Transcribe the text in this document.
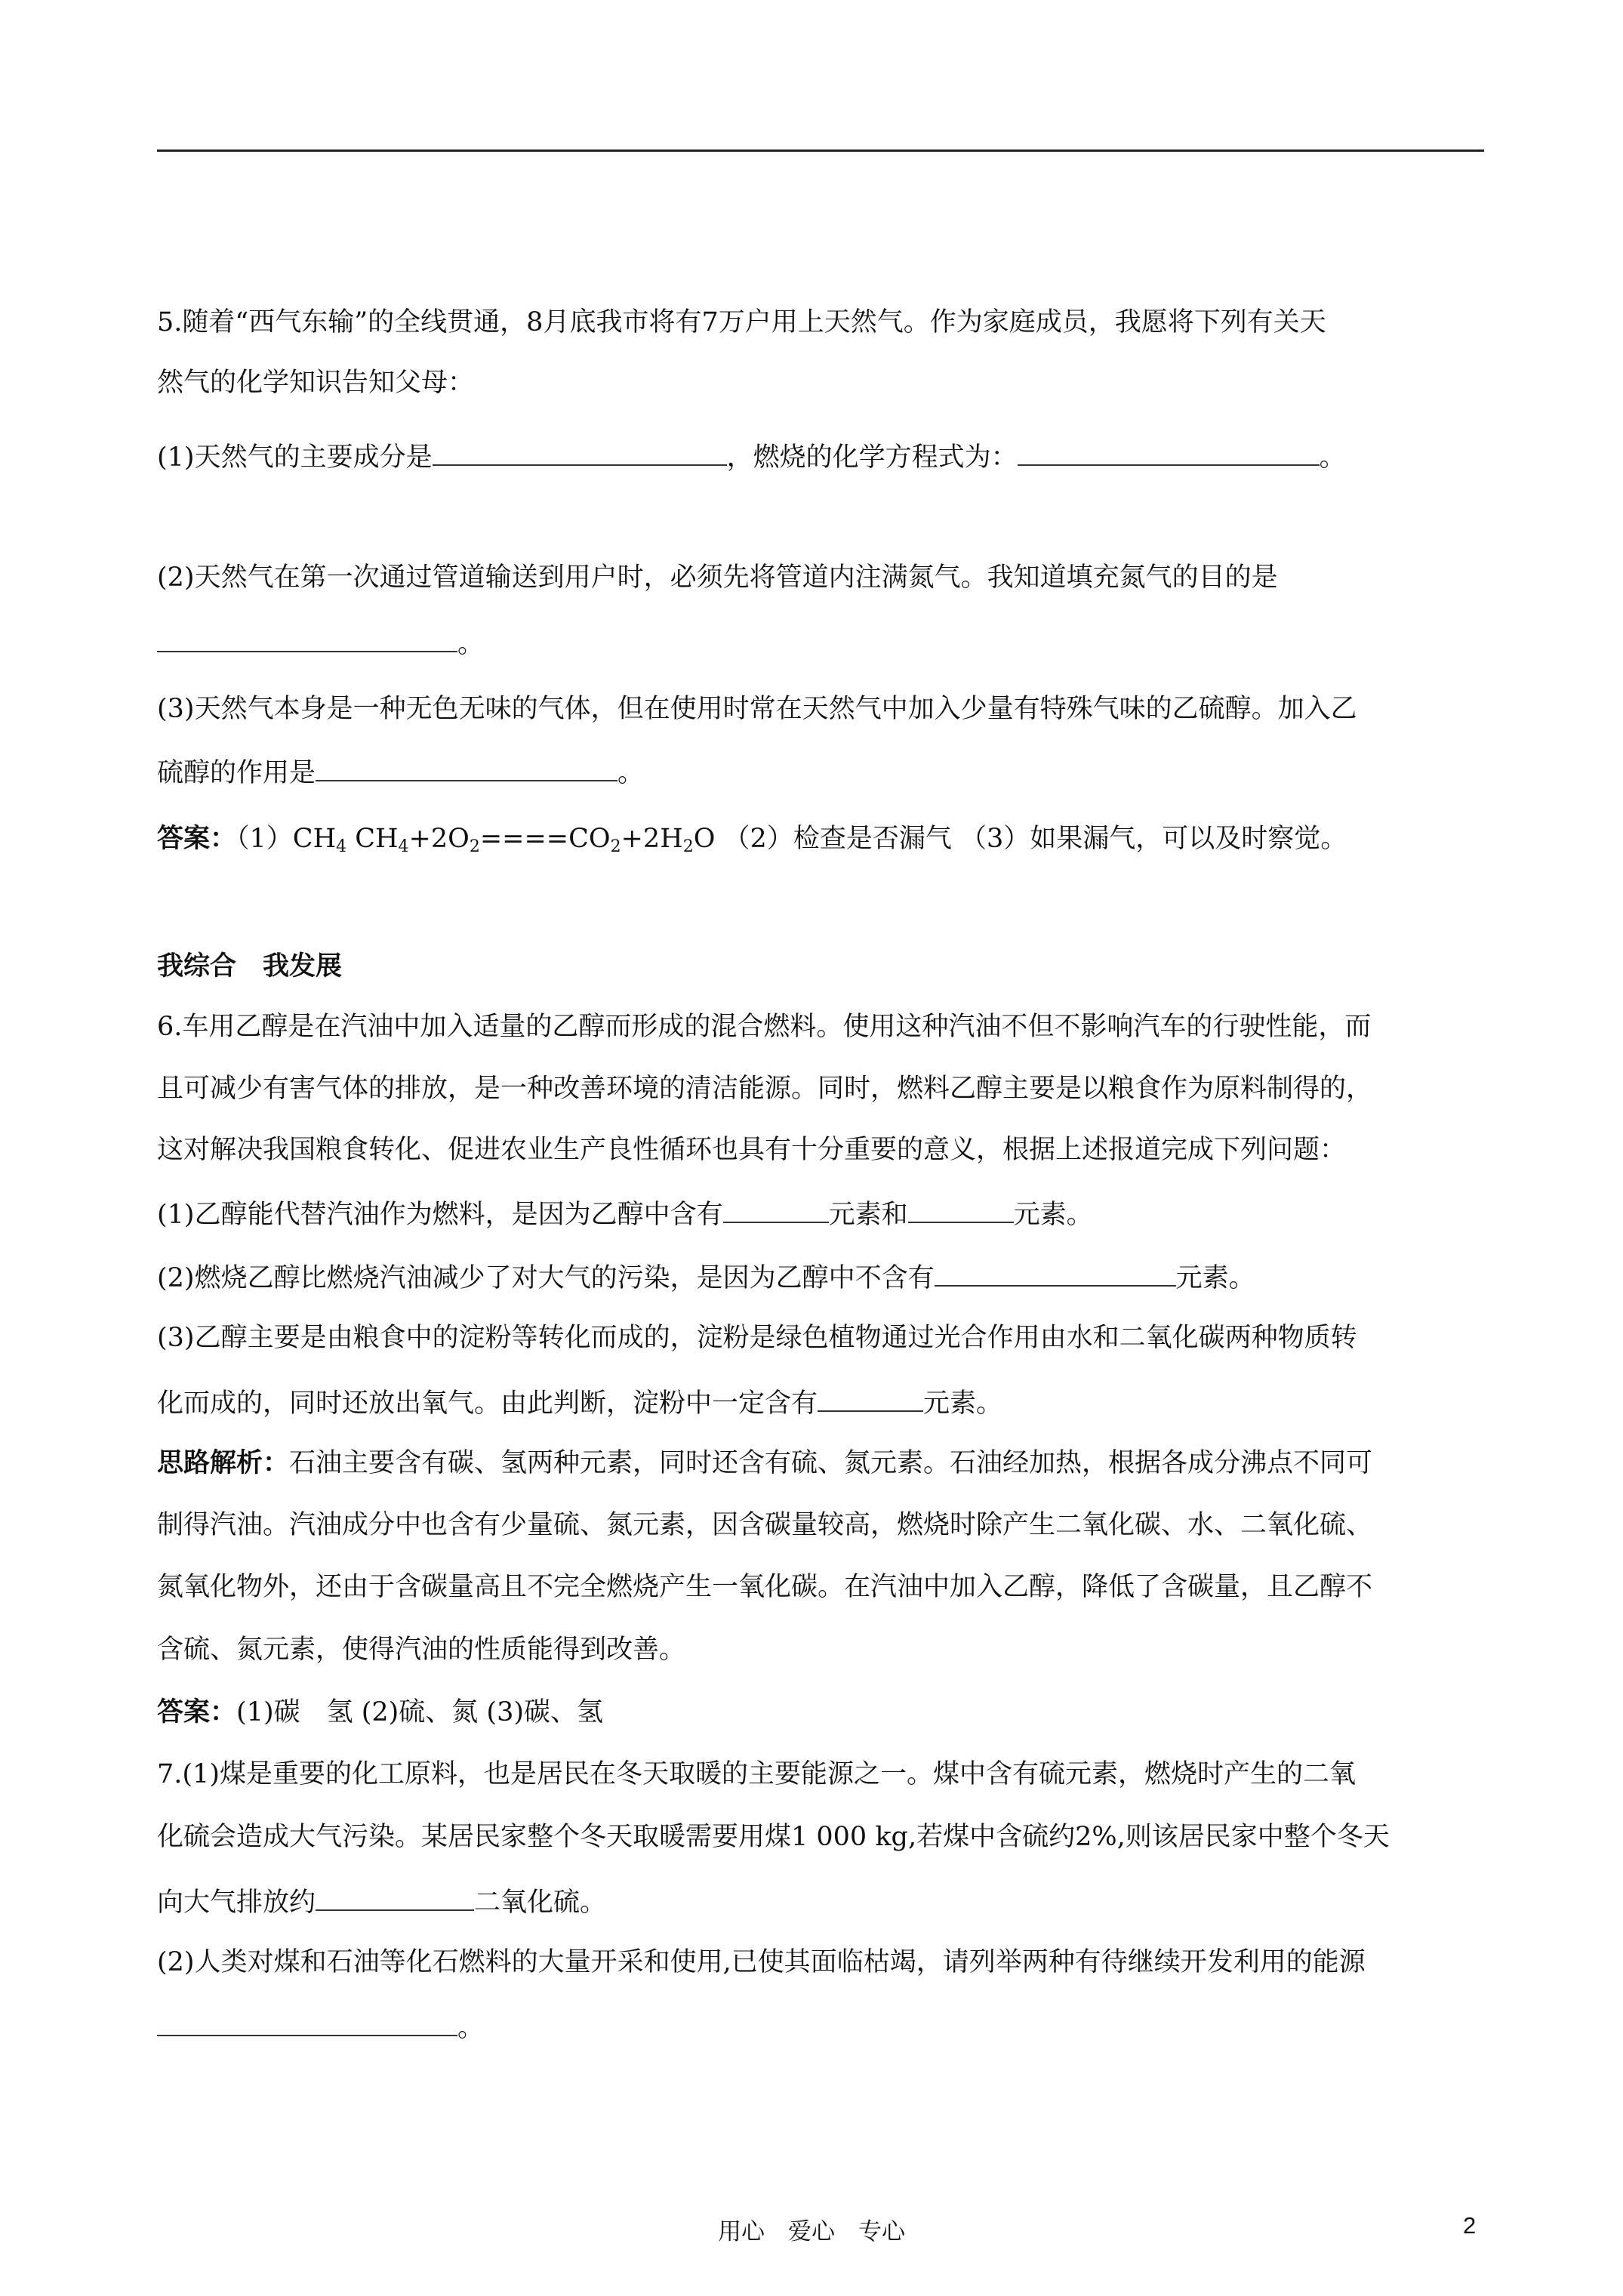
5.随着“西气东输”的全线贯通，8月底我市将有7万户用上天然气。作为家庭成员，我愿将下列有关天
然气的化学知识告知父母：
(1)天然气的主要成分是	，燃烧的化学方程式为：	。
(2)天然气在第一次通过管道输送到用户时，必须先将管道内注满氮气。我知道填充氮气的目的是
。
(3)天然气本身是一种无色无味的气体，但在使用时常在天然气中加入少量有特殊气味的乙硫醇。加入乙
硫醇的作用是	。
答案：$(1)CH_4$ $CH_4+2O_2====CO_2+2H_2O$ （2）检查是否漏气 （3）如果漏气，可以及时察觉。
我综合　我发展
6.车用乙醇是在汽油中加入适量的乙醇而形成的混合燃料。使用这种汽油不但不影响汽车的行驶性能，而
且可减少有害气体的排放，是一种改善环境的清洁能源。同时，燃料乙醇主要是以粮食作为原料制得的，
这对解决我国粮食转化、促进农业生产良性循环也具有十分重要的意义，根据上述报道完成下列问题：
(1)乙醇能代替汽油作为燃料，是因为乙醇中含有	元素和	元素。
(2)燃烧乙醇比燃烧汽油减少了对大气的污染，是因为乙醇中不含有	元素。
(3)乙醇主要是由粮食中的淀粉等转化而成的，淀粉是绿色植物通过光合作用由水和二氧化碳两种物质转
化而成的，同时还放出氧气。由此判断，淀粉中一定含有	元素。
思路解析：石油主要含有碳、氢两种元素，同时还含有硫、氮元素。石油经加热，根据各成分沸点不同可
制得汽油。汽油成分中也含有少量硫、氮元素，因含碳量较高，燃烧时除产生二氧化碳、水、二氧化硫、
氮氧化物外，还由于含碳量高且不完全燃烧产生一氧化碳。在汽油中加入乙醇，降低了含碳量，且乙醇不
含硫、氮元素，使得汽油的性质能得到改善。
答案：(1)碳　氢 (2)硫、氮 (3)碳、氢
7.(1)煤是重要的化工原料，也是居民在冬天取暖的主要能源之一。煤中含有硫元素，燃烧时产生的二氧
化硫会造成大气污染。某居民家整个冬天取暖需要用煤1 000 kg,若煤中含硫约2%,则该居民家中整个冬天
向大气排放约	二氧化硫。
(2)人类对煤和石油等化石燃料的大量开采和使用,已使其面临枯竭，请列举两种有待继续开发利用的能源
。
用心　爱心　专心	2
